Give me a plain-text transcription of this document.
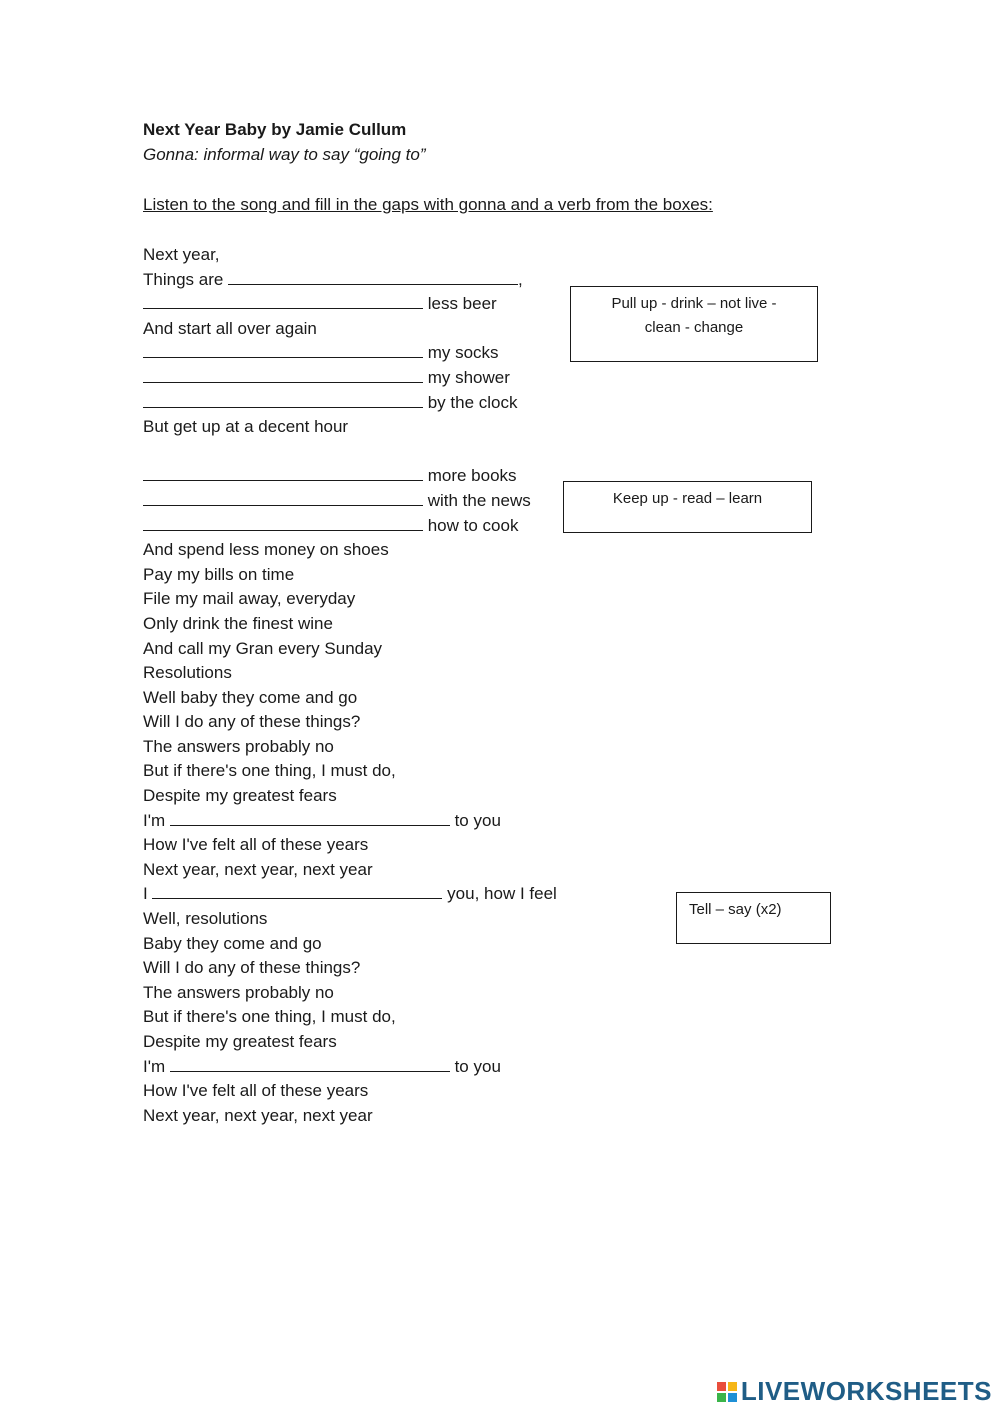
Next Year Baby by Jamie Cullum
Gonna: informal way to say “going to”
Listen to the song and fill in the gaps with gonna and a verb from the boxes:
Next year,
Things are	,
less beer
And start all over again
my socks
my shower
by the clock
But get up at a decent hour
more books
with the news
how to cook
And spend less money on shoes
Pay my bills on time
File my mail away, everyday
Only drink the finest wine
And call my Gran every Sunday
Resolutions
Well baby they come and go
Will I do any of these things?
The answers probably no
But if there's one thing, I must do,
Despite my greatest fears
I'm	to you
How I've felt all of these years
Next year, next year, next year
I	you, how I feel
Well, resolutions
Baby they come and go
Will I do any of these things?
The answers probably no
But if there's one thing, I must do,
Despite my greatest fears
I'm	to you
How I've felt all of these years
Next year, next year, next year
Pull up - drink – not live -
clean - change
Keep up - read – learn
Tell – say (x2)
LIVEWORKSHEETS
